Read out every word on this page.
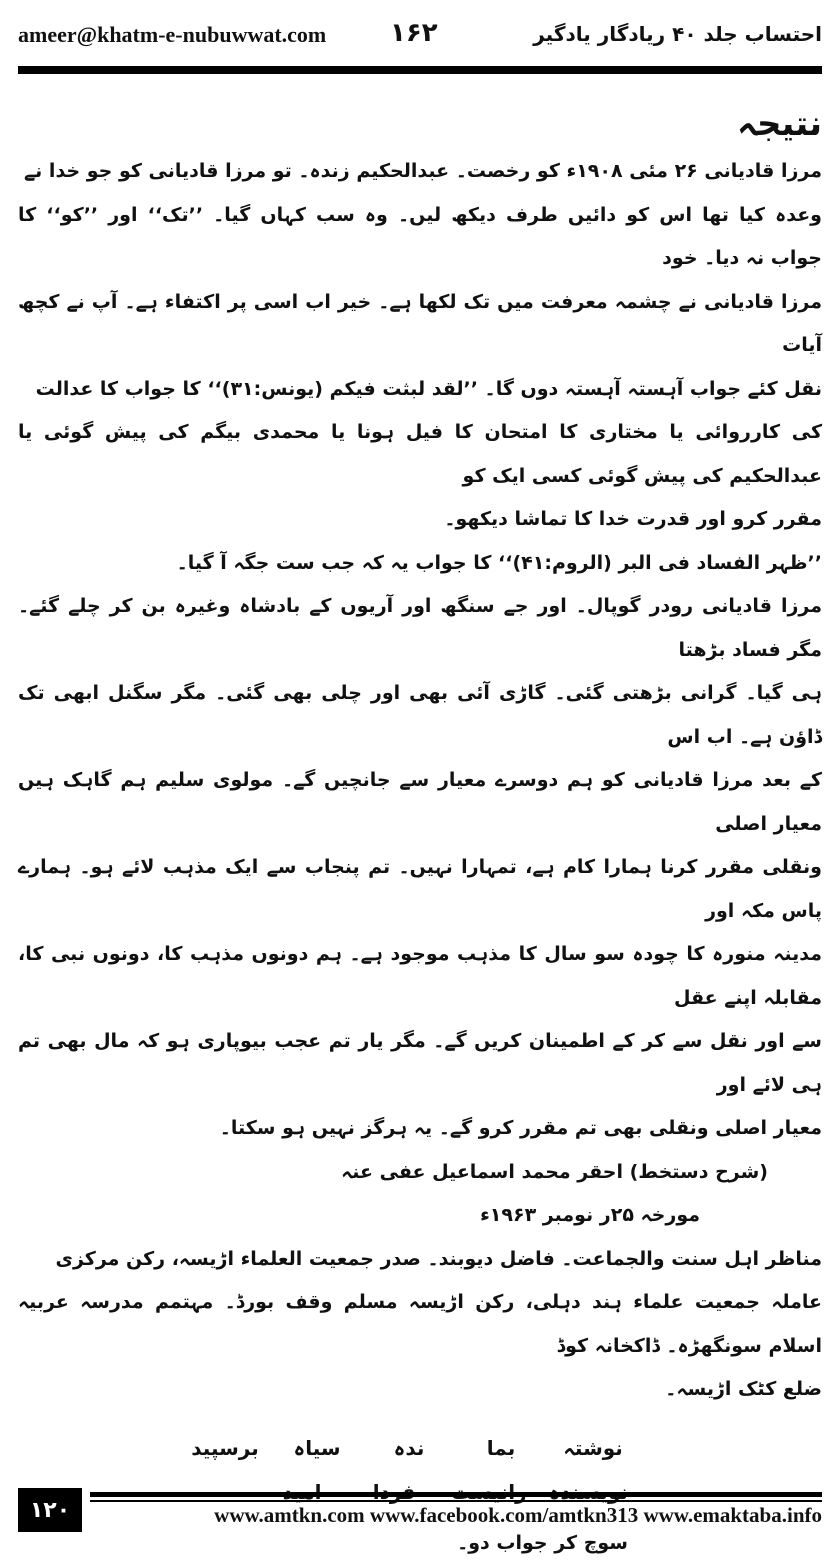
ameer@khatm-e-nubuwwat.com ۱۶۲	احتساب جلد ۴۰ ریادگار یادگیر

نتیجہ

مرزا قادیانی ۲۶ مئی ۱۹۰۸ء کو رخصت۔ عبدالحکیم زندہ۔ تو مرزا قادیانی کو جو خدا نے

وعدہ کیا تھا اس کو دائیں طرف دیکھ لیں۔ وہ سب کہاں گیا۔ ’’تک‘‘ اور ’’کو‘‘ کا جواب نہ دیا۔ خود

مرزا قادیانی نے چشمہ معرفت میں تک لکھا ہے۔ خیر اب اسی پر اکتفاء ہے۔ آپ نے کچھ آیات

نقل کئے جواب آہستہ آہستہ دوں گا۔ ’’لقد لبثت فیکم (یونس:۳۱)‘‘ کا جواب کا عدالت

کی کارروائی یا مختاری کا امتحان کا فیل ہونا یا محمدی بیگم کی پیش گوئی یا عبدالحکیم کی پیش گوئی کسی ایک کو

مقرر کرو اور قدرت خدا کا تماشا دیکھو۔

’’ظہر الفساد فی البر (الروم:۴۱)‘‘ کا جواب یہ کہ جب ست جگہ آ گیا۔

مرزا قادیانی رودر گوپال۔ اور جے سنگھ اور آریوں کے بادشاہ وغیرہ بن کر چلے گئے۔ مگر فساد بڑھتا

ہی گیا۔ گرانی بڑھتی گئی۔ گاڑی آئی بھی اور چلی بھی گئی۔ مگر سگنل ابھی تک ڈاؤن ہے۔ اب اس

کے بعد مرزا قادیانی کو ہم دوسرے معیار سے جانچیں گے۔ مولوی سلیم ہم گاہک ہیں معیار اصلی

ونقلی مقرر کرنا ہمارا کام ہے، تمہارا نہیں۔ تم پنجاب سے ایک مذہب لائے ہو۔ ہمارے پاس مکہ اور

مدینہ منورہ کا چودہ سو سال کا مذہب موجود ہے۔ ہم دونوں مذہب کا، دونوں نبی کا، مقابلہ اپنے عقل

سے اور نقل سے کر کے اطمینان کریں گے۔ مگر یار تم عجب بیوپاری ہو کہ مال بھی تم ہی لائے اور

معیار اصلی ونقلی بھی تم مقرر کرو گے۔ یہ ہرگز نہیں ہو سکتا۔

(شرح دستخط) احقر محمد اسماعیل عفی عنہ

مورخہ ۲۵ر نومبر ۱۹۶۳ء

مناظر اہل سنت والجماعت۔ فاضل دیوبند۔ صدر جمعیت العلماء اڑیسہ، رکن مرکزی

عاملہ جمعیت علماء ہند دہلی، رکن اڑیسہ مسلم وقف بورڈ۔ مہتمم مدرسہ عربیہ اسلام سونگھڑہ۔ ڈاکخانہ کوڈ

ضلع کٹک اڑیسہ۔

نوشتہ
بما
ندہ
سیاہ
برسپید

سوچ کر جواب دو۔

۱۲۰	www.amtkn.com www.facebook.com/amtkn313 www.emaktaba.info
